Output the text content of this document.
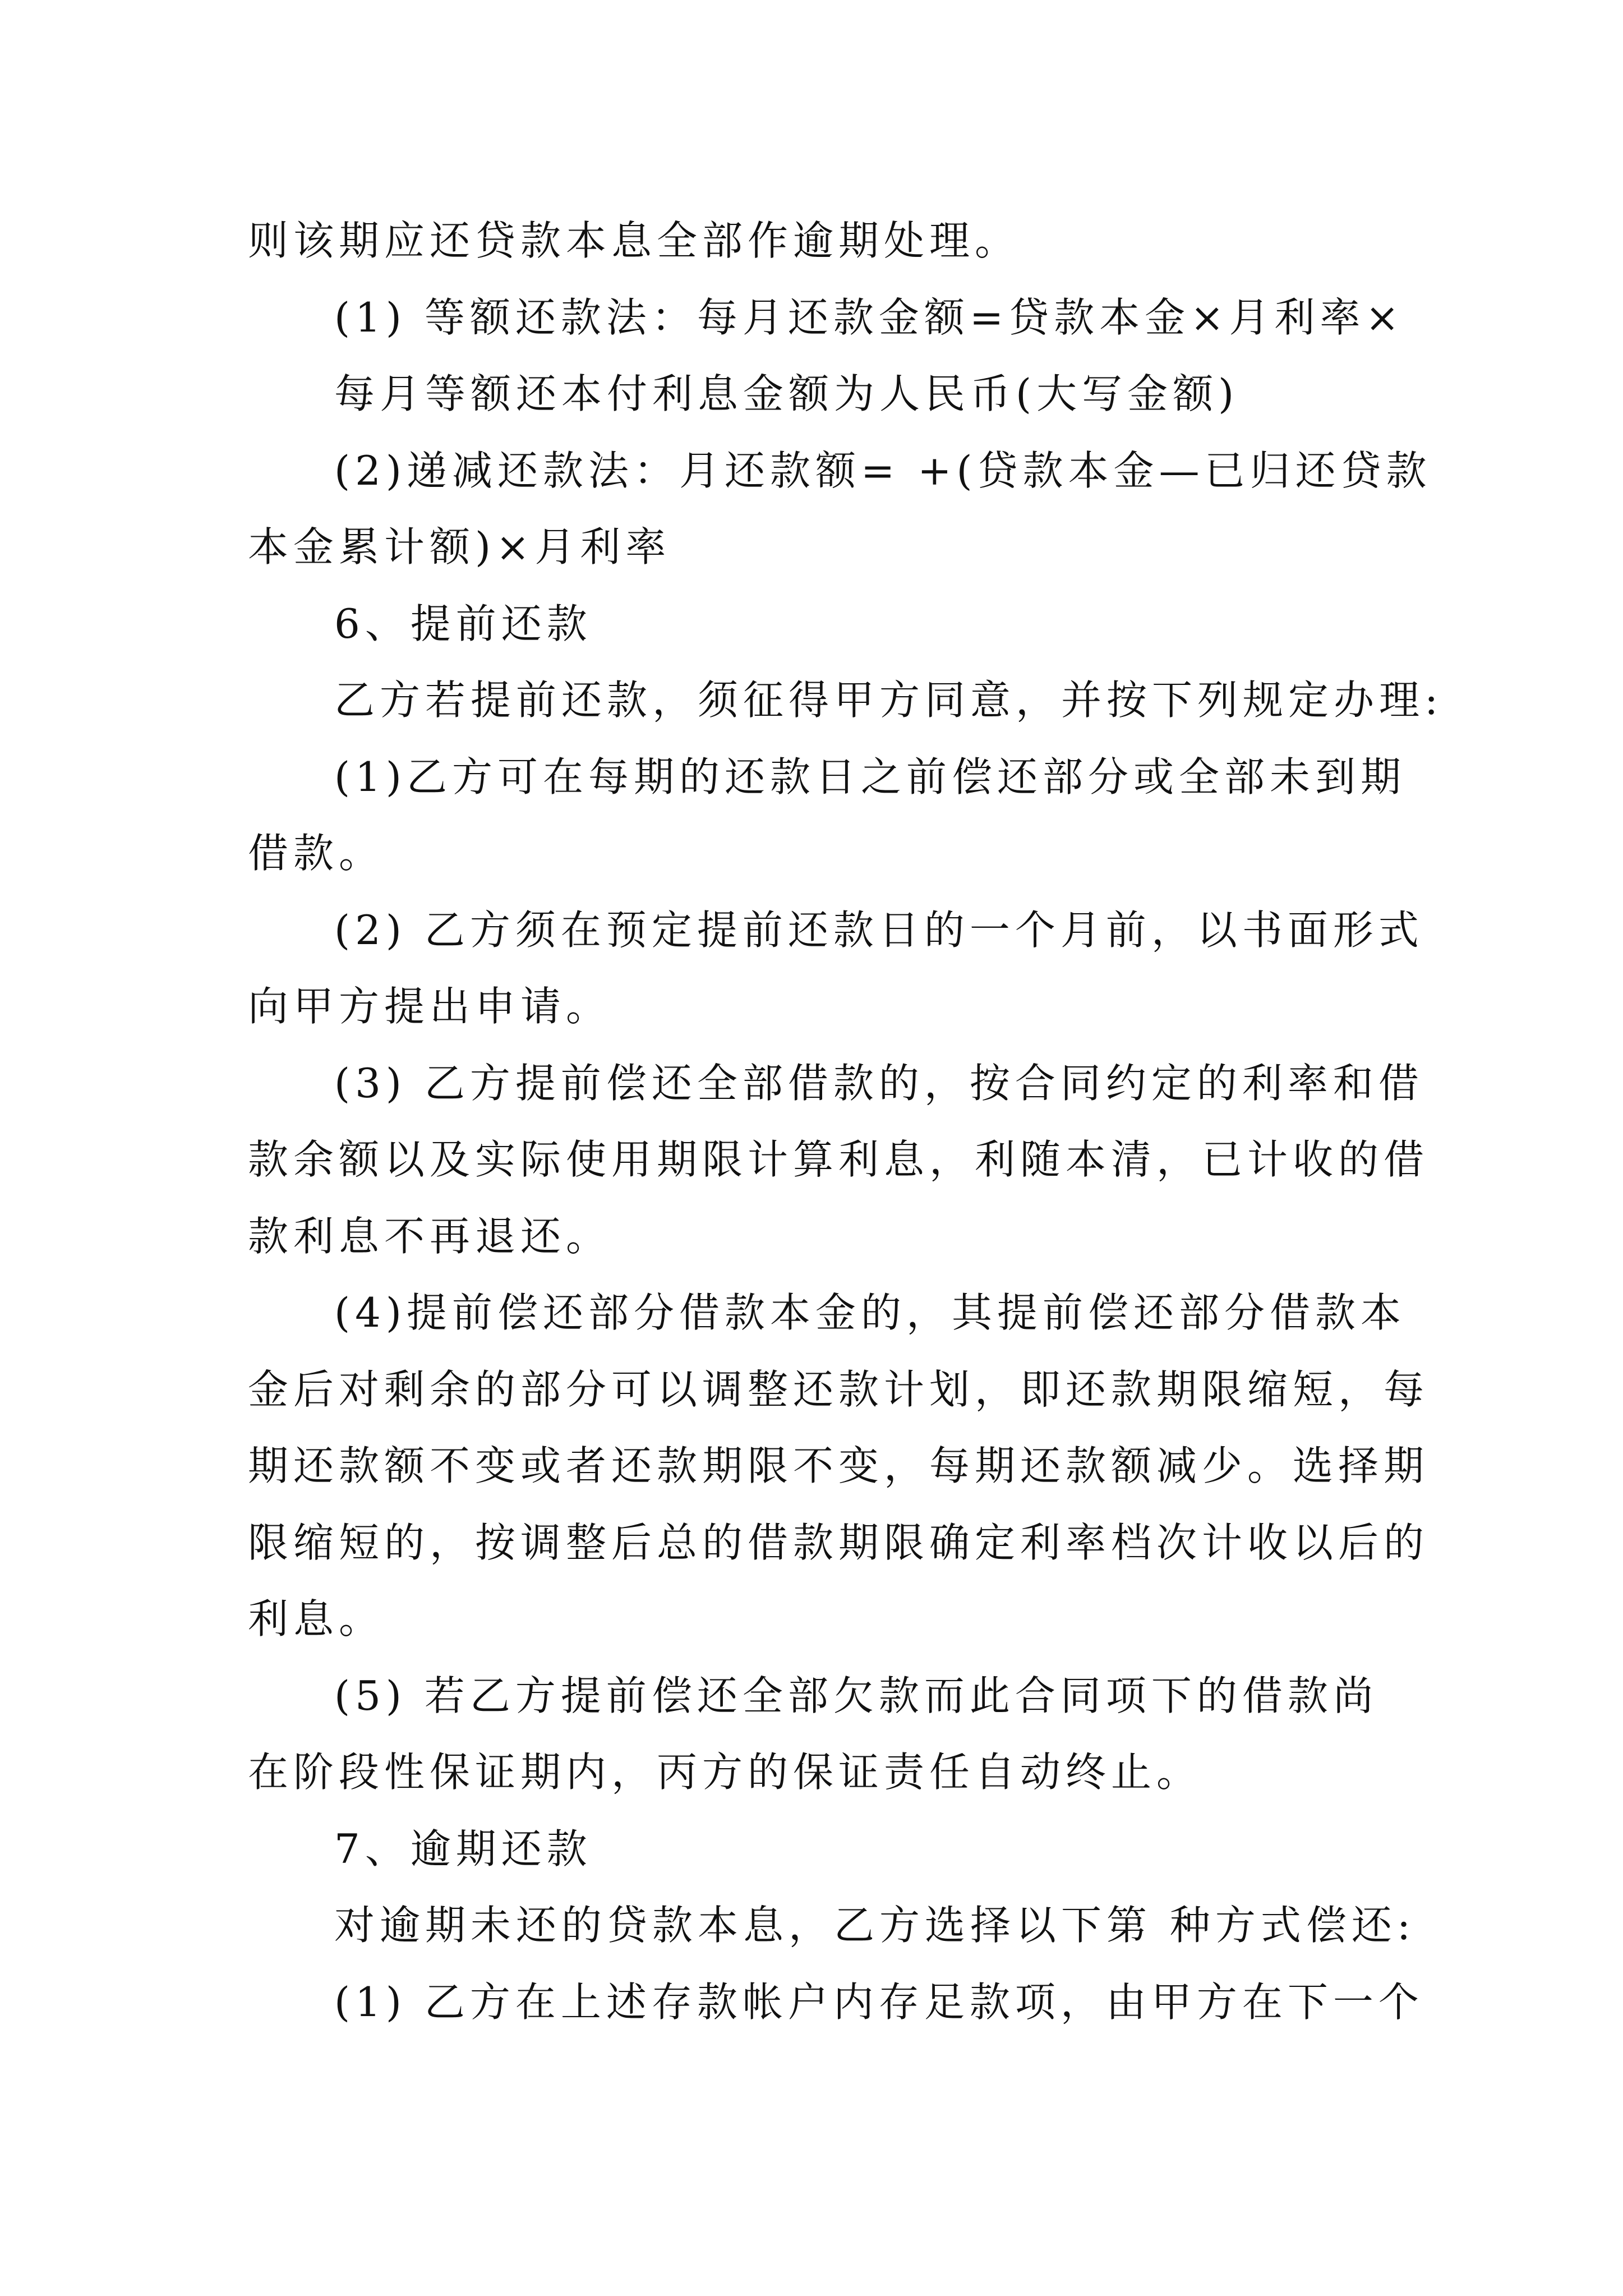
则该期应还贷款本息全部作逾期处理。
(1) 等额还款法：每月还款金额=贷款本金×月利率×
每月等额还本付利息金额为人民币(大写金额)
(2)递减还款法：月还款额= +(贷款本金—已归还贷款
本金累计额)×月利率
6、提前还款
乙方若提前还款，须征得甲方同意，并按下列规定办理:
(1)乙方可在每期的还款日之前偿还部分或全部未到期
借款。
(2) 乙方须在预定提前还款日的一个月前，以书面形式
向甲方提出申请。
(3) 乙方提前偿还全部借款的，按合同约定的利率和借
款余额以及实际使用期限计算利息，利随本清，已计收的借
款利息不再退还。
(4)提前偿还部分借款本金的，其提前偿还部分借款本
金后对剩余的部分可以调整还款计划，即还款期限缩短，每
期还款额不变或者还款期限不变，每期还款额减少。选择期
限缩短的，按调整后总的借款期限确定利率档次计收以后的
利息。
(5) 若乙方提前偿还全部欠款而此合同项下的借款尚
在阶段性保证期内，丙方的保证责任自动终止。
7、逾期还款
对逾期未还的贷款本息，乙方选择以下第 种方式偿还:
(1) 乙方在上述存款帐户内存足款项，由甲方在下一个
